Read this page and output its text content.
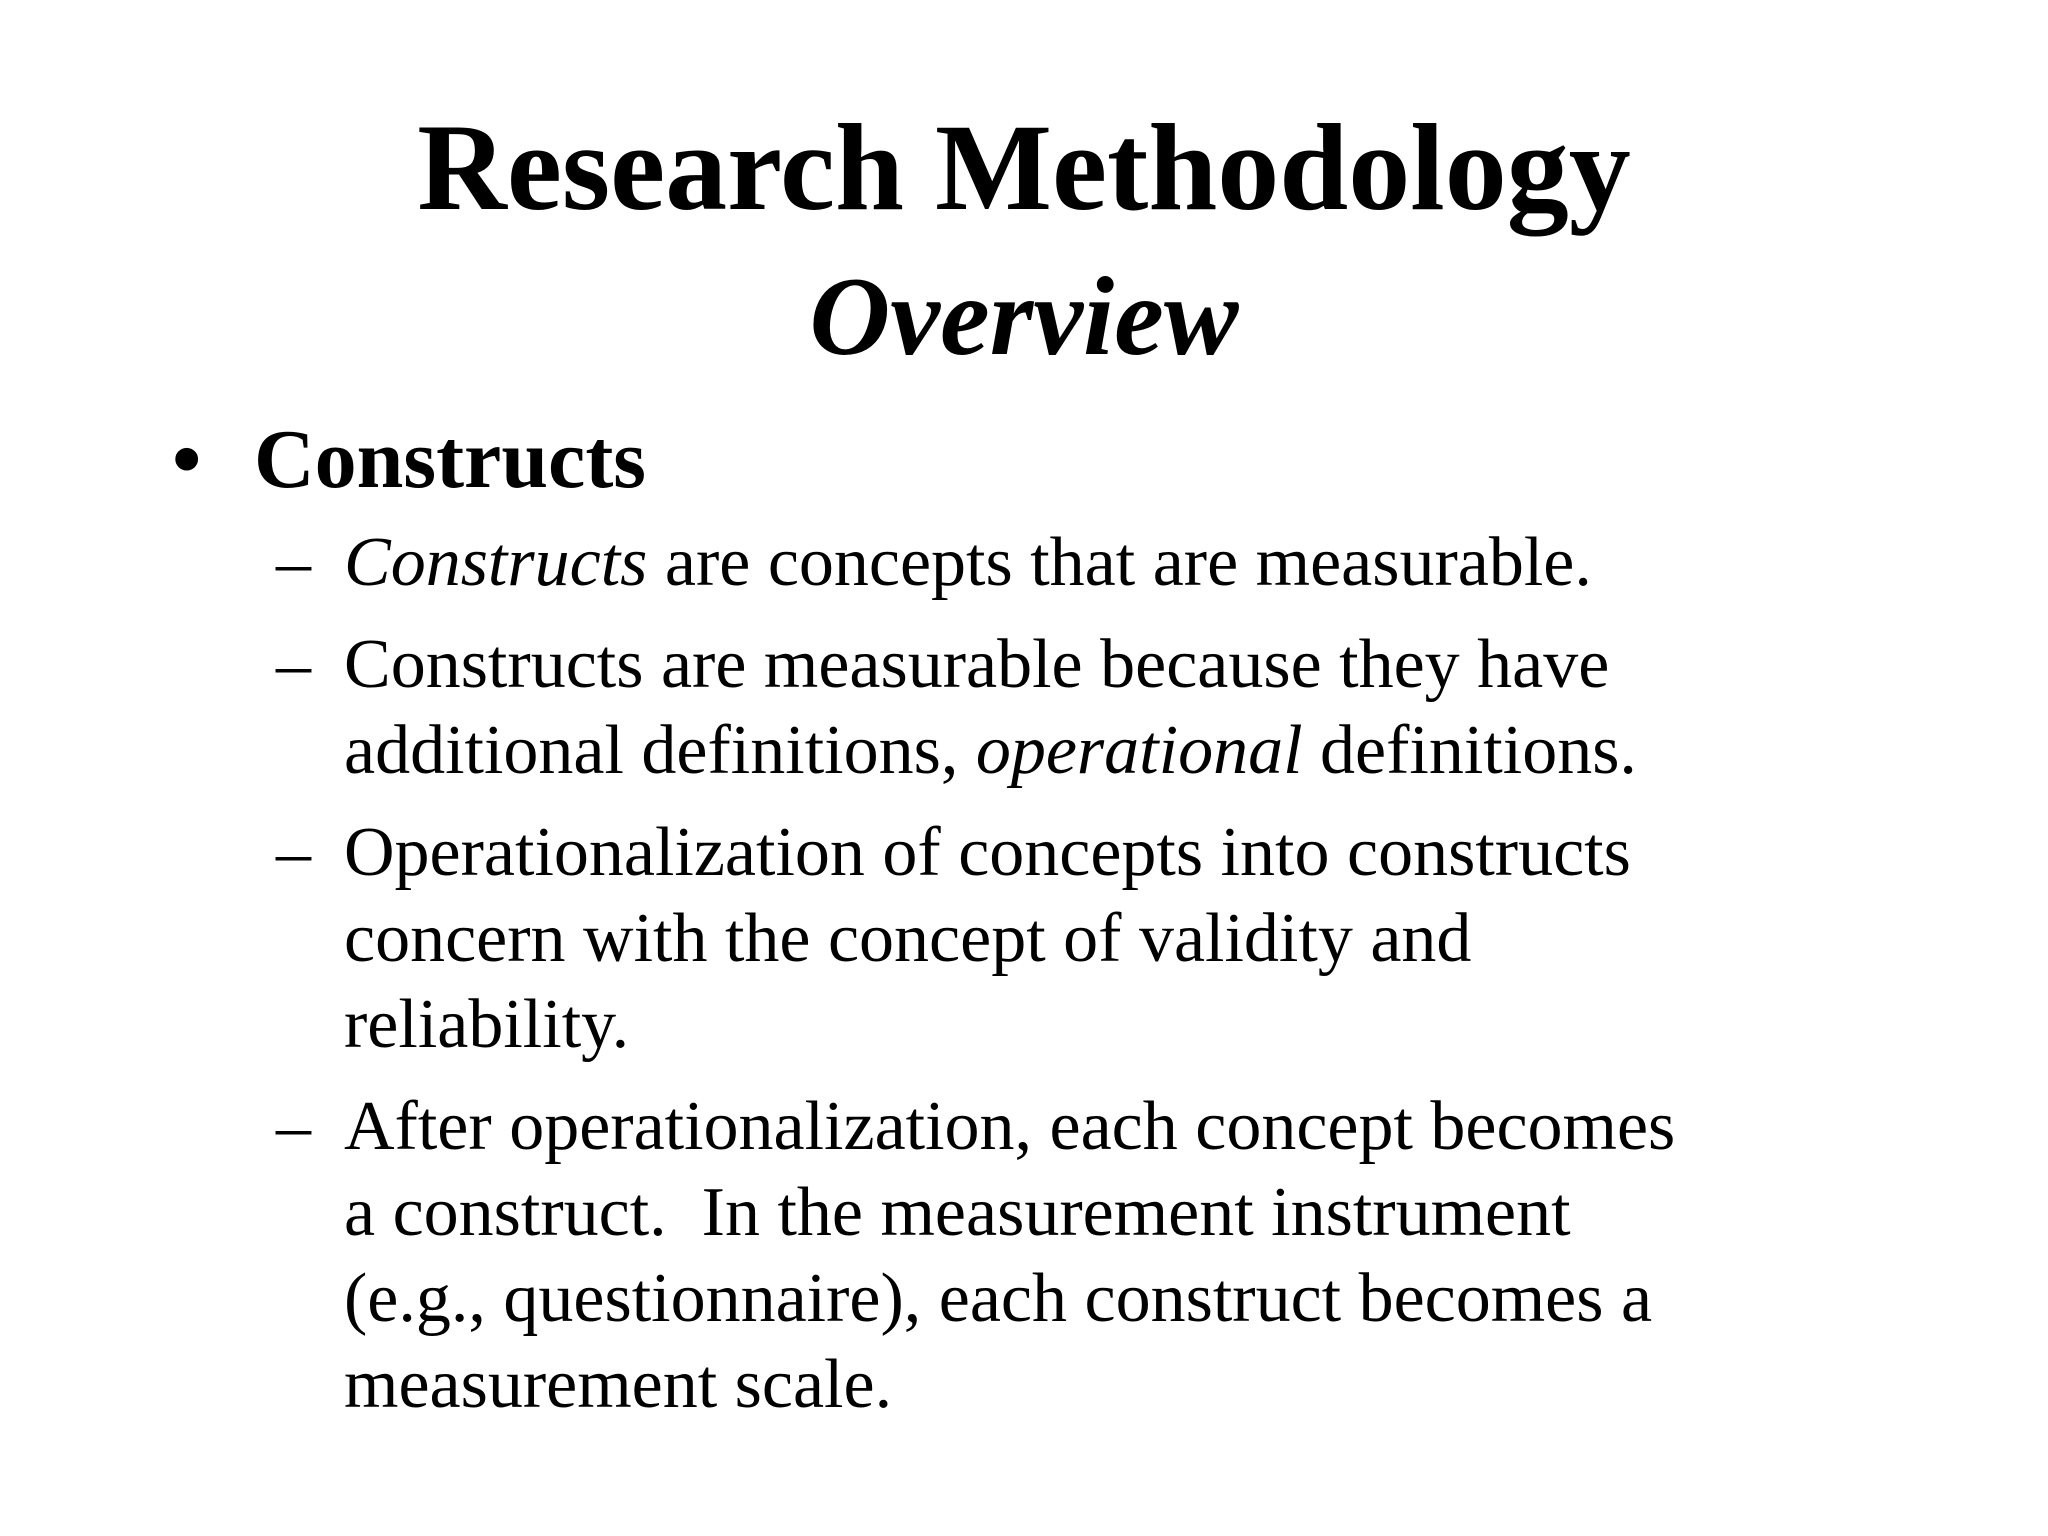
Research Methodology
Overview
• Constructs
– Constructs are concepts that are measurable.
– Constructs are measurable because they have
additional definitions, operational definitions.
– Operationalization of concepts into constructs
concern with the concept of validity and
reliability.
– After operationalization, each concept becomes
a construct.  In the measurement instrument
(e.g., questionnaire), each construct becomes a
measurement scale.
